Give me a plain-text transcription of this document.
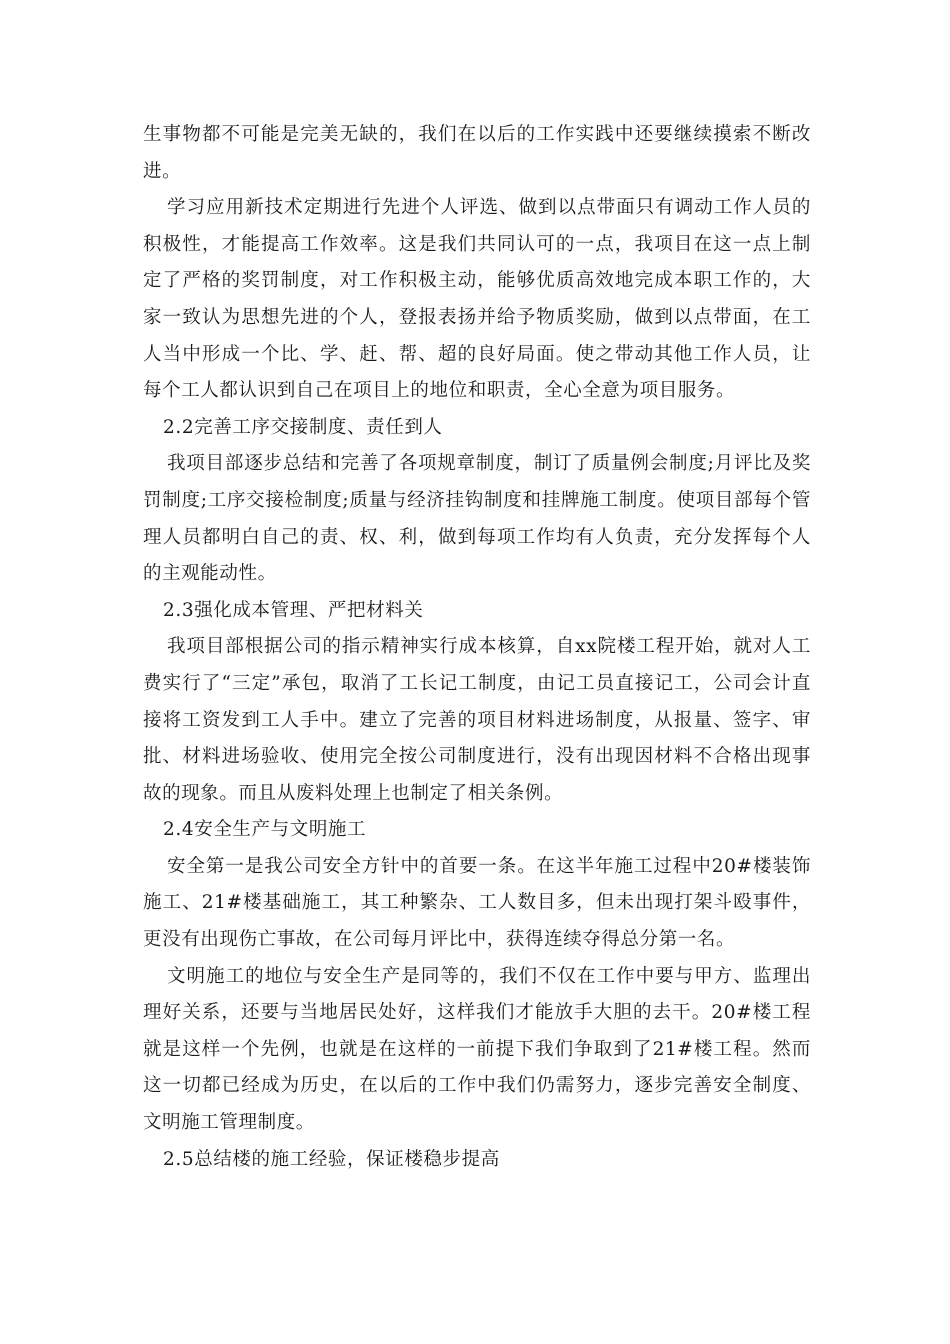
生事物都不可能是完美无缺的，我们在以后的工作实践中还要继续摸索不断改进。

学习应用新技术定期进行先进个人评选、做到以点带面只有调动工作人员的积极性，才能提高工作效率。这是我们共同认可的一点，我项目在这一点上制定了严格的奖罚制度，对工作积极主动，能够优质高效地完成本职工作的，大家一致认为思想先进的个人，登报表扬并给予物质奖励，做到以点带面，在工人当中形成一个比、学、赶、帮、超的良好局面。使之带动其他工作人员，让每个工人都认识到自己在项目上的地位和职责，全心全意为项目服务。

2.2完善工序交接制度、责任到人

我项目部逐步总结和完善了各项规章制度，制订了质量例会制度;月评比及奖罚制度;工序交接检制度;质量与经济挂钩制度和挂牌施工制度。使项目部每个管理人员都明白自己的责、权、利，做到每项工作均有人负责，充分发挥每个人的主观能动性。

2.3强化成本管理、严把材料关

我项目部根据公司的指示精神实行成本核算，自xx院楼工程开始，就对人工费实行了“三定”承包，取消了工长记工制度，由记工员直接记工，公司会计直接将工资发到工人手中。建立了完善的项目材料进场制度，从报量、签字、审批、材料进场验收、使用完全按公司制度进行，没有出现因材料不合格出现事故的现象。而且从废料处理上也制定了相关条例。

2.4安全生产与文明施工

安全第一是我公司安全方针中的首要一条。在这半年施工过程中20#楼装饰施工、21#楼基础施工，其工种繁杂、工人数目多，但未出现打架斗殴事件，更没有出现伤亡事故，在公司每月评比中，获得连续夺得总分第一名。

文明施工的地位与安全生产是同等的，我们不仅在工作中要与甲方、监理出理好关系，还要与当地居民处好，这样我们才能放手大胆的去干。20#楼工程就是这样一个先例，也就是在这样的一前提下我们争取到了21#楼工程。然而这一切都已经成为历史，在以后的工作中我们仍需努力，逐步完善安全制度、文明施工管理制度。

2.5总结楼的施工经验，保证楼稳步提高
